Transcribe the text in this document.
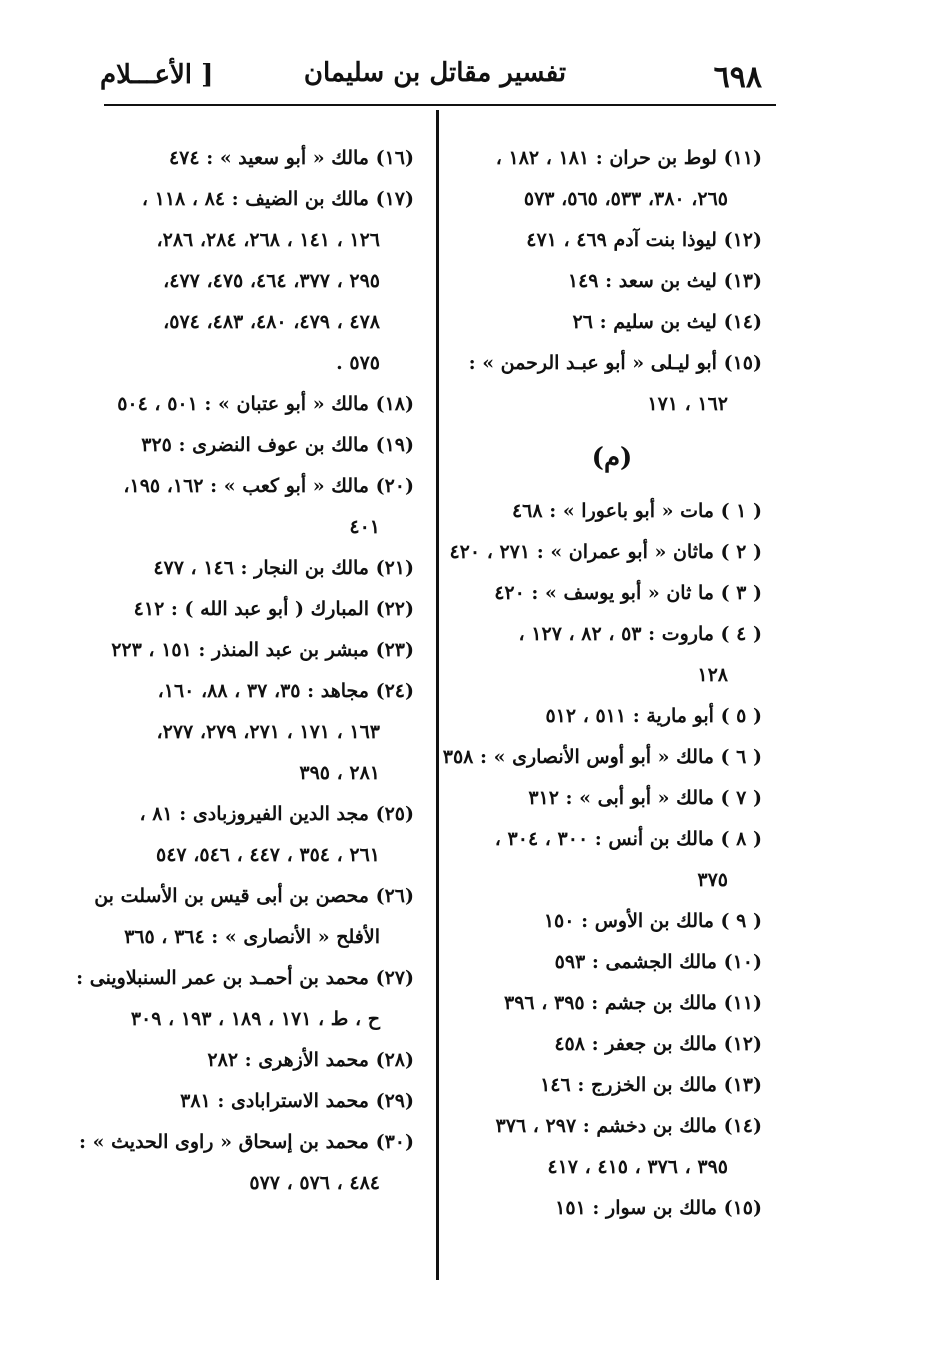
٦٩٨
تفسير مقاتل بن سليمان
[ الأعـــلام
(١١) لوط بن حران : ١٨١ ، ١٨٢ ،
٢٦٥، ٣٨٠، ٥٣٣، ٥٦٥، ٥٧٣
(١٢) ليوذا بنت آدم ٤٦٩ ، ٤٧١
(١٣) ليث بن سعد : ١٤٩
(١٤) ليث بن سليم : ٢٦
(١٥) أبو ليـلى « أبو عبـد الرحمن » :
١٦٢ ، ١٧١
(م)
( ١ ) مات « أبو باعورا » : ٤٦٨
( ٢ ) ماثان « أبو عمران » : ٢٧١ ، ٤٢٠
( ٣ ) ما ثان « أبو يوسف » : ٤٢٠
( ٤ ) ماروت : ٥٣ ، ٨٢ ، ١٢٧ ،
١٢٨
( ٥ ) أبو مارية : ٥١١ ، ٥١٢
( ٦ ) مالك « أبو أوس الأنصارى » : ٣٥٨
( ٧ ) مالك « أبو أبى » : ٣١٢
( ٨ ) مالك بن أنس : ٣٠٠ ، ٣٠٤ ،
٣٧٥
( ٩ ) مالك بن الأوس : ١٥٠
(١٠) مالك الجشمى : ٥٩٣
(١١) مالك بن جشم : ٣٩٥ ، ٣٩٦
(١٢) مالك بن جعفر : ٤٥٨
(١٣) مالك بن الخزرج : ١٤٦
(١٤) مالك بن دخشم : ٢٩٧ ، ٣٧٦
٣٩٥ ، ٣٧٦ ، ٤١٥ ، ٤١٧
(١٥) مالك بن سوار : ١٥١
(١٦) مالك « أبو سعيد » : ٤٧٤
(١٧) مالك بن الضيف : ٨٤ ، ١١٨ ،
١٢٦ ، ١٤١ ، ٢٦٨، ٢٨٤، ٢٨٦،
٢٩٥ ، ٣٧٧، ٤٦٤، ٤٧٥، ٤٧٧،
٤٧٨ ، ٤٧٩، ٤٨٠، ٤٨٣، ٥٧٤،
٥٧٥ .
(١٨) مالك « أبو عتبان » : ٥٠١ ، ٥٠٤
(١٩) مالك بن عوف النضرى : ٣٢٥
(٢٠) مالك « أبو كعب » : ١٦٢، ١٩٥،
٤٠١
(٢١) مالك بن النجار : ١٤٦ ، ٤٧٧
(٢٢) المبارك ( أبو عبد الله ) : ٤١٢
(٢٣) مبشر بن عبد المنذر : ١٥١ ، ٢٢٣
(٢٤) مجاهد : ٣٥، ٣٧ ، ٨٨، ١٦٠،
١٦٣ ، ١٧١ ، ٢٧١، ٢٧٩، ٢٧٧،
٢٨١ ، ٣٩٥
(٢٥) مجد الدين الفيروزبادى : ٨١ ،
٢٦١ ، ٣٥٤ ، ٤٤٧ ، ٥٤٦، ٥٤٧
(٢٦) محصن بن أبى قيس بن الأسلت بن
الأفلح « الأنصارى » : ٣٦٤ ، ٣٦٥
(٢٧) محمد بن أحمـد بن عمر السنبلاوينى :
ح ، ط ، ١٧١ ، ١٨٩ ، ١٩٣ ، ٣٠٩
(٢٨) محمد الأزهرى : ٢٨٢
(٢٩) محمد الاسترابادى : ٣٨١
(٣٠) محمد بن إسحاق « راوى الحديث » :
٤٨٤ ، ٥٧٦ ، ٥٧٧
